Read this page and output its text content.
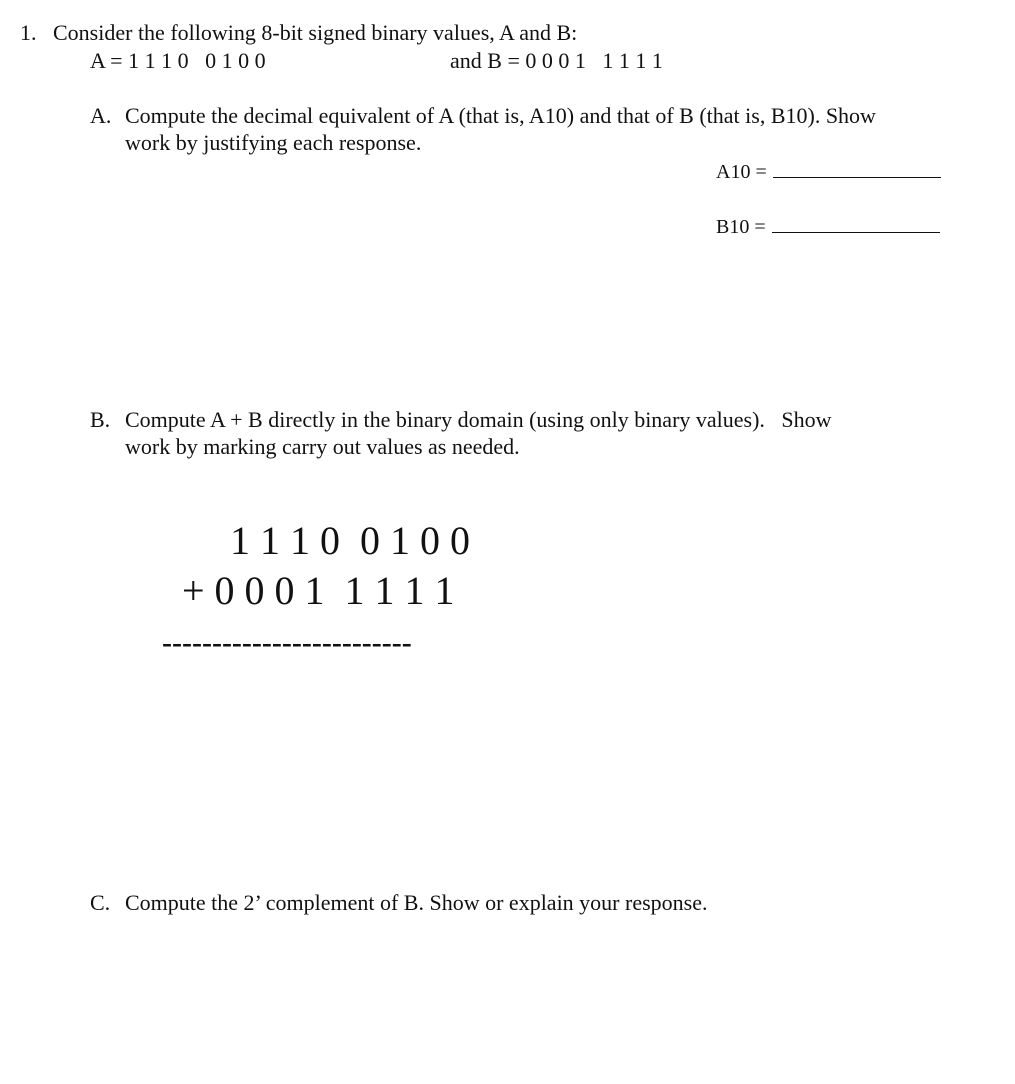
1. Consider the following 8-bit signed binary values, A and B:
A = 1 1 1 0   0 1 0 0	and B = 0 0 0 1   1 1 1 1
A. Compute the decimal equivalent of A (that is, A10) and that of B (that is, B10). Show
work by justifying each response.
A10 =
B10 =
B. Compute A + B directly in the binary domain (using only binary values).   Show
work by marking carry out values as needed.
1 1 1 0  0 1 0 0
+ 0 0 0 1  1 1 1 1
-------------------------
C. Compute the 2’ complement of B. Show or explain your response.
